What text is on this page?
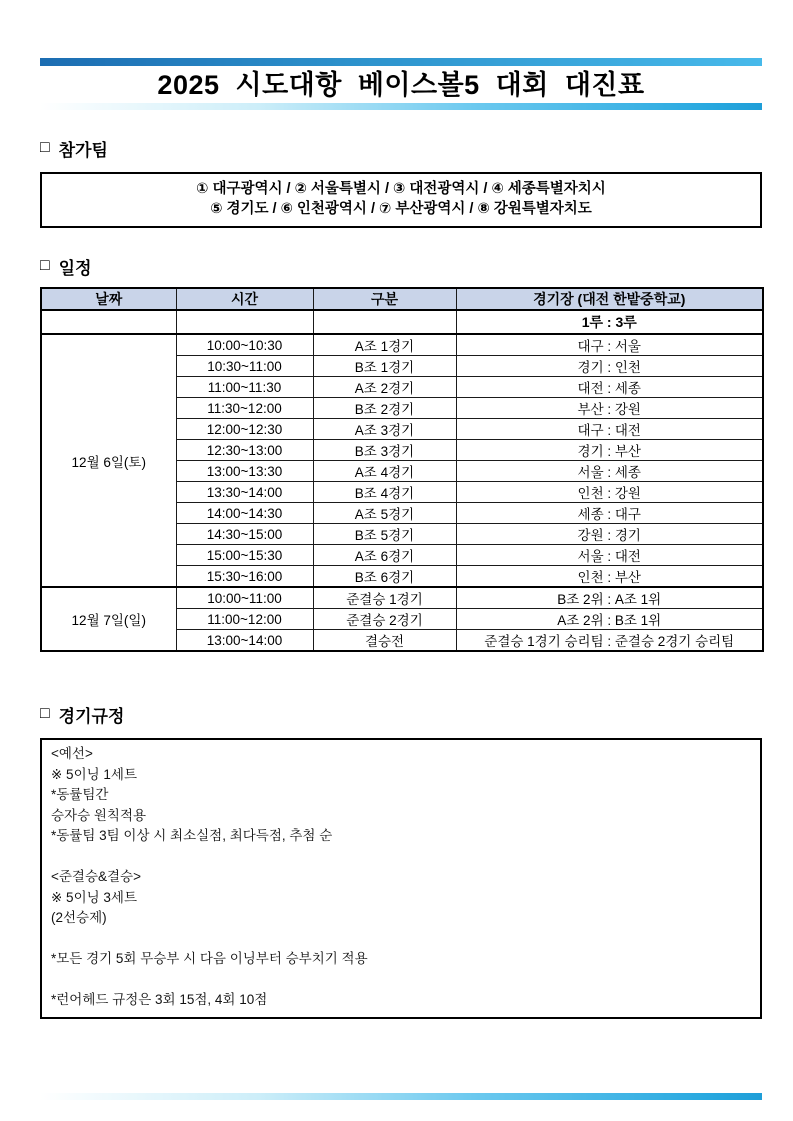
2025 시도대항 베이스볼5 대회 대진표
□ 참가팀
① 대구광역시 / ② 서울특별시 / ③ 대전광역시 / ④ 세종특별자치시
⑤ 경기도 / ⑥ 인천광역시 / ⑦ 부산광역시 / ⑧ 강원특별자치도
□ 일정
날짜	시간	구분	경기장 (대전 한밭중학교)
			1루 : 3루
12월 6일(토)	10:00~10:30	A조 1경기	대구 : 서울
	10:30~11:00	B조 1경기	경기 : 인천
	11:00~11:30	A조 2경기	대전 : 세종
	11:30~12:00	B조 2경기	부산 : 강원
	12:00~12:30	A조 3경기	대구 : 대전
	12:30~13:00	B조 3경기	경기 : 부산
	13:00~13:30	A조 4경기	서울 : 세종
	13:30~14:00	B조 4경기	인천 : 강원
	14:00~14:30	A조 5경기	세종 : 대구
	14:30~15:00	B조 5경기	강원 : 경기
	15:00~15:30	A조 6경기	서울 : 대전
	15:30~16:00	B조 6경기	인천 : 부산
12월 7일(일)	10:00~11:00	준결승 1경기	B조 2위 : A조 1위
	11:00~12:00	준결승 2경기	A조 2위 : B조 1위
	13:00~14:00	결승전	준결승 1경기 승리팀 : 준결승 2경기 승리팀
□ 경기규정
<예선>
※ 5이닝 1세트
*동률팀간
승자승 원칙적용
*동률팀 3팀 이상 시 최소실점, 최다득점, 추첨 순

<준결승&결승>
※ 5이닝 3세트
(2선승제)

*모든 경기 5회 무승부 시 다음 이닝부터 승부치기 적용

*런어헤드 규정은 3회 15점, 4회 10점
